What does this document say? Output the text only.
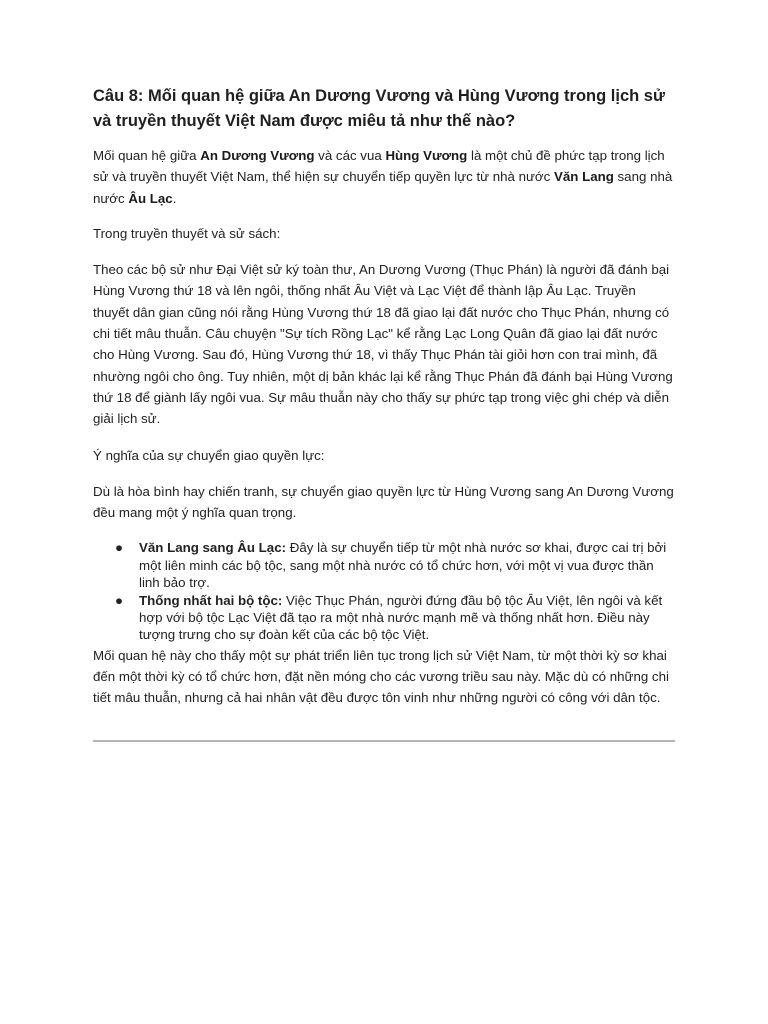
Câu 8: Mối quan hệ giữa An Dương Vương và Hùng Vương trong lịch sử và truyền thuyết Việt Nam được miêu tả như thế nào?

Mối quan hệ giữa An Dương Vương và các vua Hùng Vương là một chủ đề phức tạp trong lịch sử và truyền thuyết Việt Nam, thể hiện sự chuyển tiếp quyền lực từ nhà nước Văn Lang sang nhà nước Âu Lạc.

Trong truyền thuyết và sử sách:

Theo các bộ sử như Đại Việt sử ký toàn thư, An Dương Vương (Thục Phán) là người đã đánh bại Hùng Vương thứ 18 và lên ngôi, thống nhất Âu Việt và Lạc Việt để thành lập Âu Lạc. Truyền thuyết dân gian cũng nói rằng Hùng Vương thứ 18 đã giao lại đất nước cho Thục Phán, nhưng có chi tiết mâu thuẫn. Câu chuyện "Sự tích Rồng Lạc" kể rằng Lạc Long Quân đã giao lại đất nước cho Hùng Vương. Sau đó, Hùng Vương thứ 18, vì thấy Thục Phán tài giỏi hơn con trai mình, đã nhường ngôi cho ông. Tuy nhiên, một dị bản khác lại kể rằng Thục Phán đã đánh bại Hùng Vương thứ 18 để giành lấy ngôi vua. Sự mâu thuẫn này cho thấy sự phức tạp trong việc ghi chép và diễn giải lịch sử.

Ý nghĩa của sự chuyển giao quyền lực:

Dù là hòa bình hay chiến tranh, sự chuyển giao quyền lực từ Hùng Vương sang An Dương Vương đều mang một ý nghĩa quan trọng.

● Văn Lang sang Âu Lạc: Đây là sự chuyển tiếp từ một nhà nước sơ khai, được cai trị bởi một liên minh các bộ tộc, sang một nhà nước có tổ chức hơn, với một vị vua được thần linh bảo trợ.
● Thống nhất hai bộ tộc: Việc Thục Phán, người đứng đầu bộ tộc Âu Việt, lên ngôi và kết hợp với bộ tộc Lạc Việt đã tạo ra một nhà nước mạnh mẽ và thống nhất hơn. Điều này tượng trưng cho sự đoàn kết của các bộ tộc Việt.

Mối quan hệ này cho thấy một sự phát triển liên tục trong lịch sử Việt Nam, từ một thời kỳ sơ khai đến một thời kỳ có tổ chức hơn, đặt nền móng cho các vương triều sau này. Mặc dù có những chi tiết mâu thuẫn, nhưng cả hai nhân vật đều được tôn vinh như những người có công với dân tộc.
